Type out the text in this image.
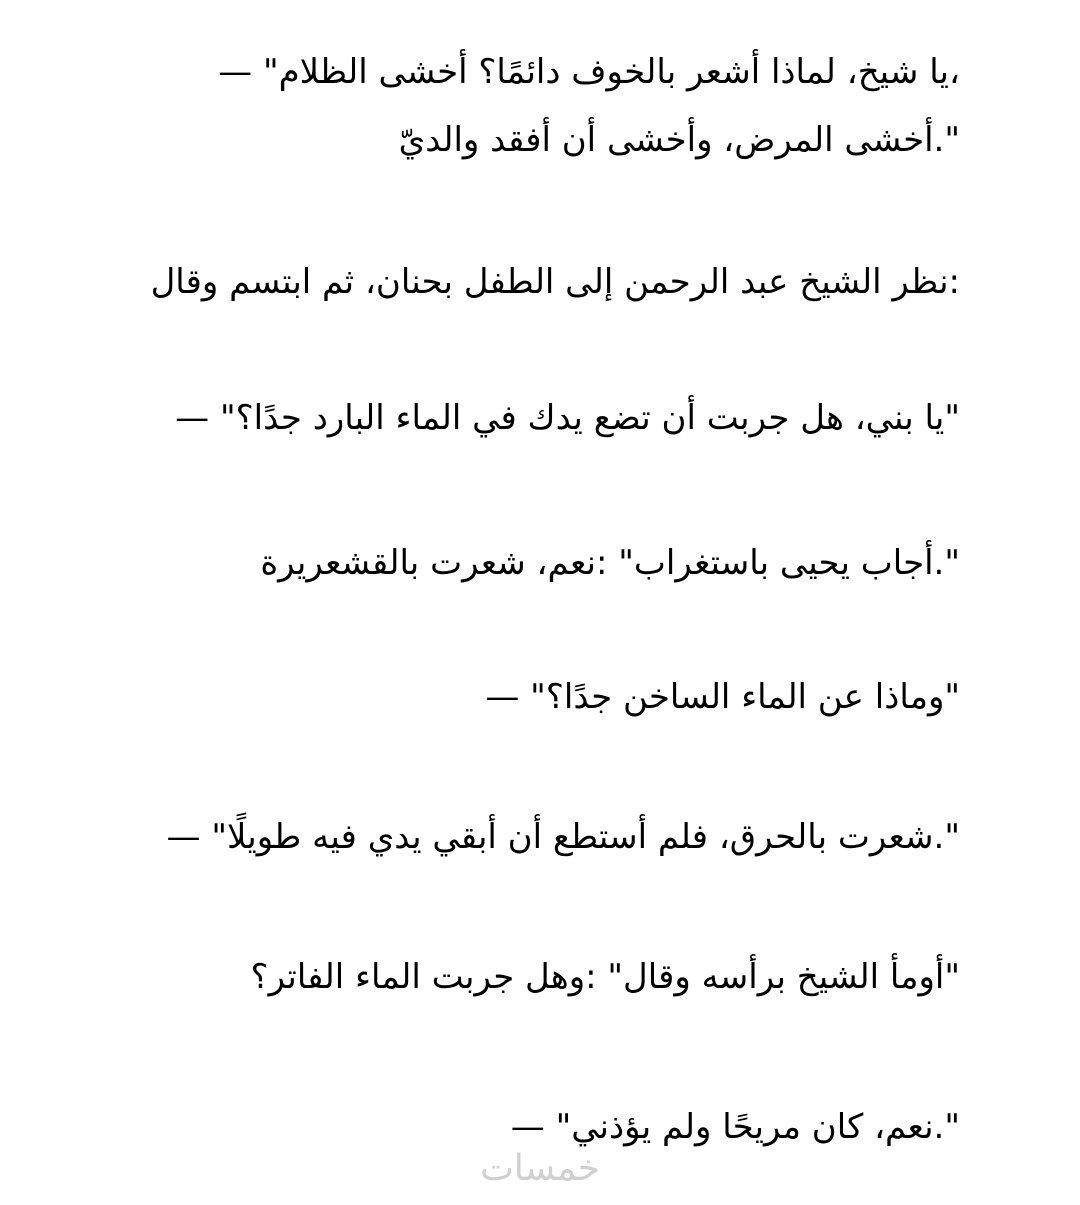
،يا شيخ، لماذا أشعر بالخوف دائمًا؟ أخشى الظلام" —
".أخشى المرض، وأخشى أن أفقد والديّ
:نظر الشيخ عبد الرحمن إلى الطفل بحنان، ثم ابتسم وقال
"يا بني، هل جربت أن تضع يدك في الماء البارد جدًا؟" —
".أجاب يحيى باستغراب" :نعم، شعرت بالقشعريرة
"وماذا عن الماء الساخن جدًا؟" —
".شعرت بالحرق، فلم أستطع أن أبقي يدي فيه طويلًا" —
"أومأ الشيخ برأسه وقال" :وهل جربت الماء الفاتر؟
".نعم، كان مريحًا ولم يؤذني" —
خمسات
